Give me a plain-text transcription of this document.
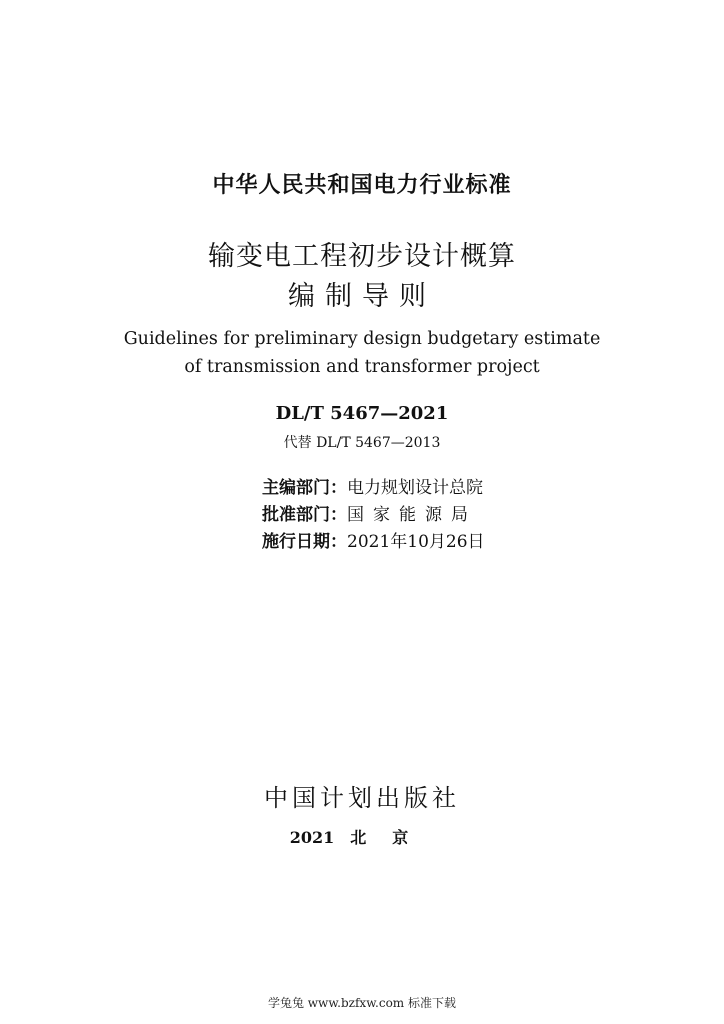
中华人民共和国电力行业标准
输变电工程初步设计概算
编制导则
Guidelines for preliminary design budgetary estimate
of transmission and transformer project
DL/T 5467—2021
代替 DL/T 5467—2013
主编部门：电力规划设计总院
批准部门：国家能源局
施行日期：2021年10月26日
中国计划出版社
2021 北京
学兔兔 www.bzfxw.com 标准下载
